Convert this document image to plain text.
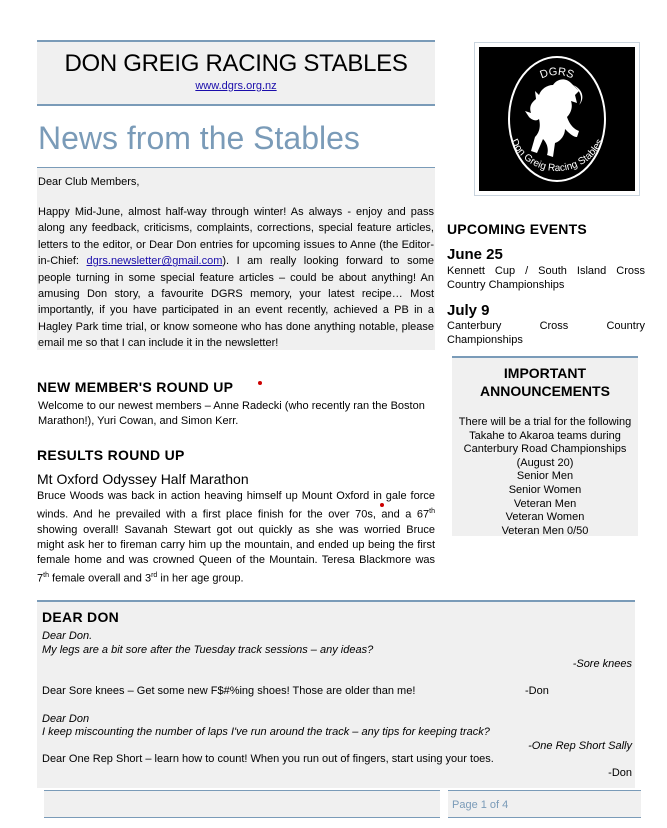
DON GREIG RACING STABLES
www.dgrs.org.nz
DGRS
Don Greig Racing Stables
News from the Stables
Dear Club Members,
Happy Mid-June, almost half-way through winter! As always - enjoy and pass along any feedback, criticisms, complaints, corrections, special feature articles, letters to the editor, or Dear Don entries for upcoming issues to Anne (the Editor-in-Chief: dgrs.newsletter@gmail.com). I am really looking forward to some people turning in some special feature articles – could be about anything! An amusing Don story, a favourite DGRS memory, your latest recipe… Most importantly, if you have participated in an event recently, achieved a PB in a Hagley Park time trial, or know someone who has done anything notable, please email me so that I can include it in the newsletter!
NEW MEMBER'S ROUND UP
Welcome to our newest members – Anne Radecki (who recently ran the Boston Marathon!), Yuri Cowan, and Simon Kerr.
RESULTS ROUND UP
Mt Oxford Odyssey Half Marathon
Bruce Woods was back in action heaving himself up Mount Oxford in gale force winds. And he prevailed with a first place finish for the over 70s, and a 67th showing overall! Savanah Stewart got out quickly as she was worried Bruce might ask her to fireman carry him up the mountain, and ended up being the first female home and was crowned Queen of the Mountain. Teresa Blackmore was 7th female overall and 3rd in her age group.
UPCOMING EVENTS
June 25
Kennett Cup / South Island Cross Country Championships
July 9
Canterbury Cross Country Championships
IMPORTANT
ANNOUNCEMENTS
There will be a trial for the following
Takahe to Akaroa teams during
Canterbury Road Championships
(August 20)
Senior Men
Senior Women
Veteran Men
Veteran Women
Veteran Men 0/50
DEAR DON
Dear Don.
My legs are a bit sore after the Tuesday track sessions – any ideas?
-Sore knees
Dear Sore knees – Get some new F$#%ing shoes! Those are older than me!	-Don
Dear Don
I keep miscounting the number of laps I've run around the track – any tips for keeping track?
-One Rep Short Sally
Dear One Rep Short – learn how to count! When you run out of fingers, start using your toes.
-Don
Page 1 of 4
